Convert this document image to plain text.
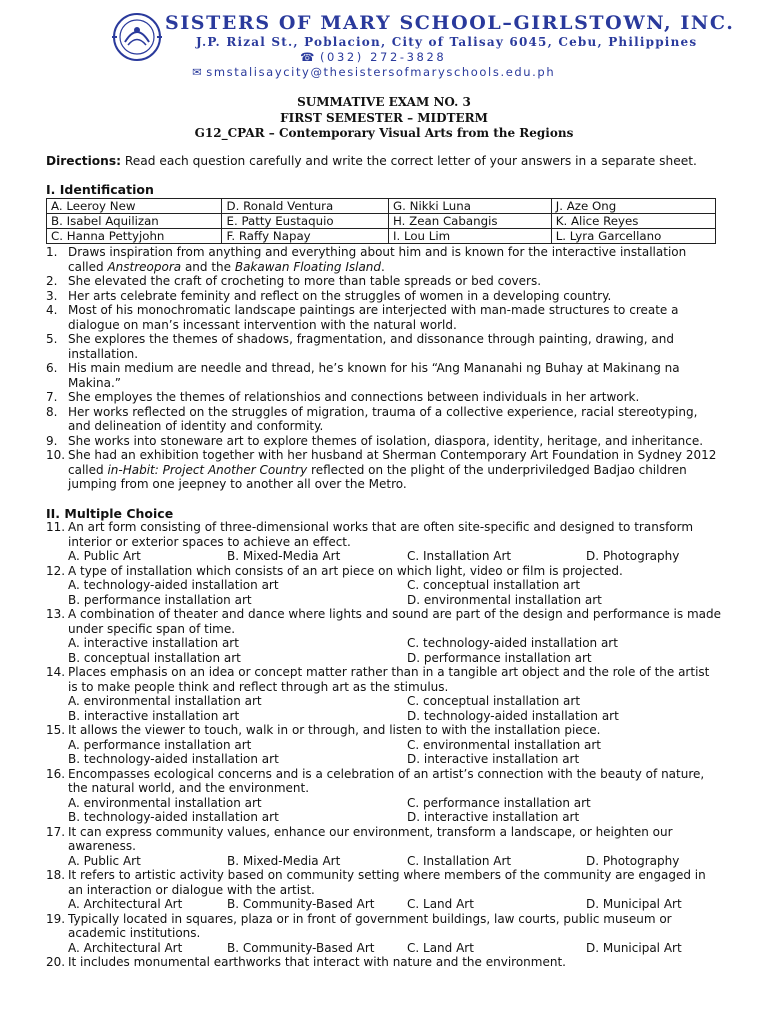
SISTERS OF MARY SCHOOL–GIRLSTOWN, INC.
J.P. Rizal St., Poblacion, City of Talisay 6045, Cebu, Philippines
☎ (032) 272-3828
✉ smstalisaycity@thesistersofmaryschools.edu.ph
SUMMATIVE EXAM NO. 3
FIRST SEMESTER – MIDTERM
G12_CPAR – Contemporary Visual Arts from the Regions
Directions: Read each question carefully and write the correct letter of your answers in a separate sheet.
I. Identification
A. Leeroy New	D. Ronald Ventura	G. Nikki Luna	J. Aze Ong
B. Isabel Aquilizan	E. Patty Eustaquio	H. Zean Cabangis	K. Alice Reyes
C. Hanna Pettyjohn	F. Raffy Napay	I. Lou Lim	L. Lyra Garcellano
1. Draws inspiration from anything and everything about him and is known for the interactive installation called Anstreopora and the Bakawan Floating Island.
2. She elevated the craft of crocheting to more than table spreads or bed covers.
3. Her arts celebrate feminity and reflect on the struggles of women in a developing country.
4. Most of his monochromatic landscape paintings are interjected with man-made structures to create a dialogue on man’s incessant intervention with the natural world.
5. She explores the themes of shadows, fragmentation, and dissonance through painting, drawing, and installation.
6. His main medium are needle and thread, he’s known for his “Ang Mananahi ng Buhay at Makinang na Makina.”
7. She employes the themes of relationshios and connections between individuals in her artwork.
8. Her works reflected on the struggles of migration, trauma of a collective experience, racial stereotyping, and delineation of identity and conformity.
9. She works into stoneware art to explore themes of isolation, diaspora, identity, heritage, and inheritance.
10. She had an exhibition together with her husband at Sherman Contemporary Art Foundation in Sydney 2012 called in-Habit: Project Another Country reflected on the plight of the underpriviledged Badjao children jumping from one jeepney to another all over the Metro.
II. Multiple Choice
11. An art form consisting of three-dimensional works that are often site-specific and designed to transform interior or exterior spaces to achieve an effect.
A. Public Art	B. Mixed-Media Art	C. Installation Art	D. Photography
12. A type of installation which consists of an art piece on which light, video or film is projected.
A. technology-aided installation art	C. conceptual installation art
B. performance installation art	D. environmental installation art
13. A combination of theater and dance where lights and sound are part of the design and performance is made under specific span of time.
A. interactive installation art	C. technology-aided installation art
B. conceptual installation art	D. performance installation art
14. Places emphasis on an idea or concept matter rather than in a tangible art object and the role of the artist is to make people think and reflect through art as the stimulus.
A. environmental installation art	C. conceptual installation art
B. interactive installation art	D. technology-aided installation art
15. It allows the viewer to touch, walk in or through, and listen to with the installation piece.
A. performance installation art	C. environmental installation art
B. technology-aided installation art	D. interactive installation art
16. Encompasses ecological concerns and is a celebration of an artist’s connection with the beauty of nature, the natural world, and the environment.
A. environmental installation art	C. performance installation art
B. technology-aided installation art	D. interactive installation art
17. It can express community values, enhance our environment, transform a landscape, or heighten our awareness.
A. Public Art	B. Mixed-Media Art	C. Installation Art	D. Photography
18. It refers to artistic activity based on community setting where members of the community are engaged in an interaction or dialogue with the artist.
A. Architectural Art	B. Community-Based Art	C. Land Art	D. Municipal Art
19. Typically located in squares, plaza or in front of government buildings, law courts, public museum or academic institutions.
A. Architectural Art	B. Community-Based Art	C. Land Art	D. Municipal Art
20. It includes monumental earthworks that interact with nature and the environment.
